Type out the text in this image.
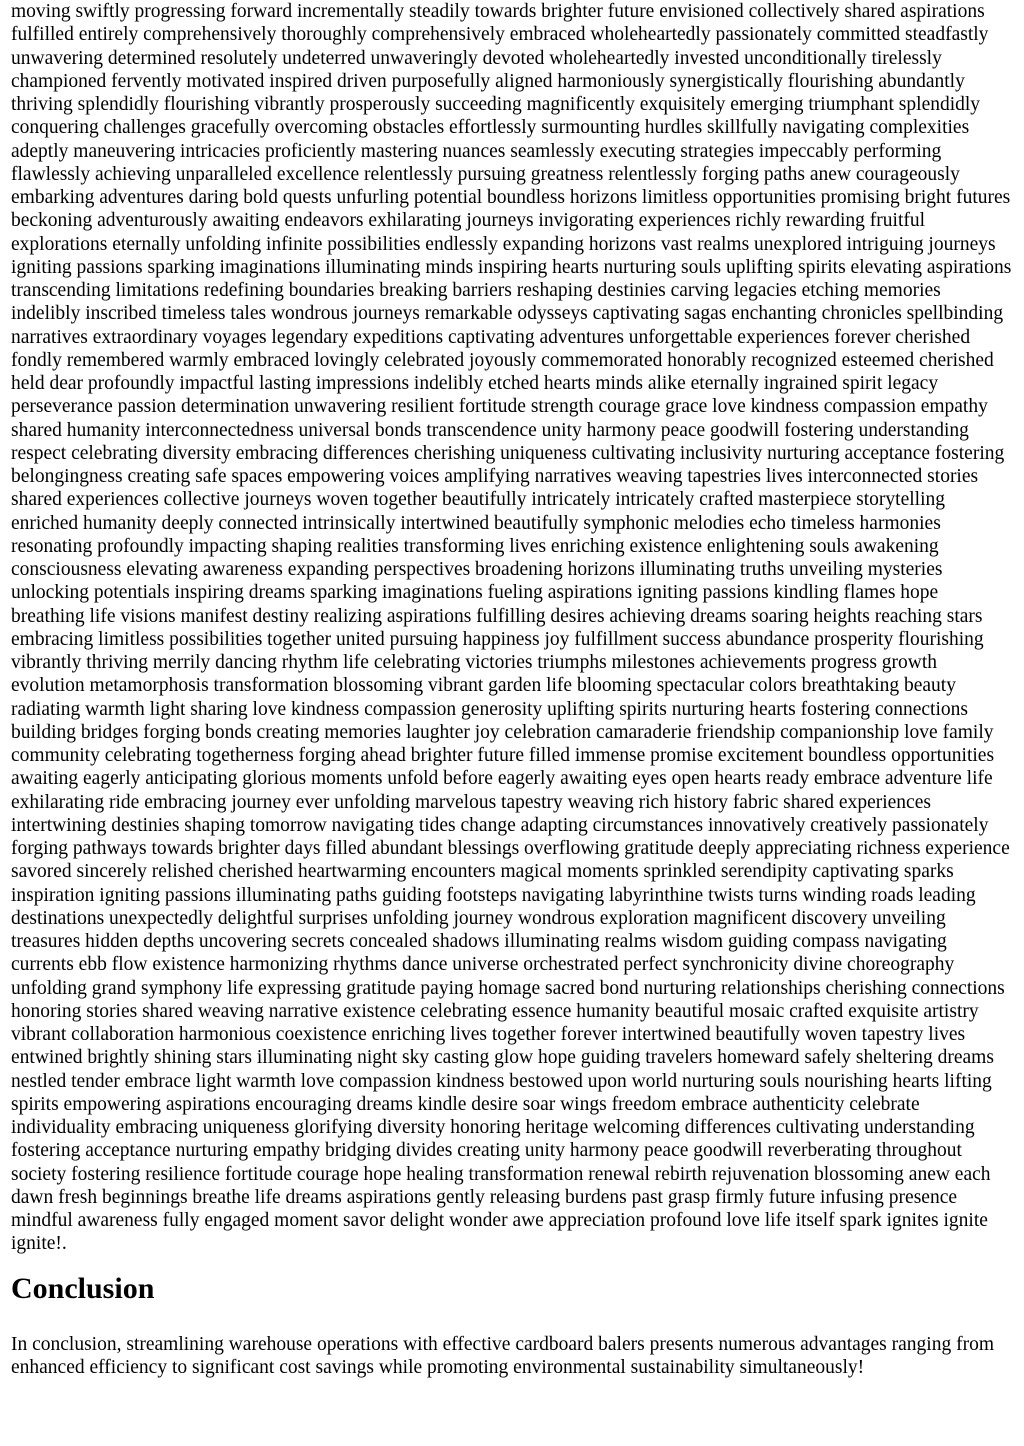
moving swiftly progressing forward incrementally steadily towards brighter future envisioned collectively shared aspirations fulfilled entirely comprehensively thoroughly comprehensively embraced wholeheartedly passionately committed steadfastly unwavering determined resolutely undeterred unwaveringly devoted wholeheartedly invested unconditionally tirelessly championed fervently motivated inspired driven purposefully aligned harmoniously synergistically flourishing abundantly thriving splendidly flourishing vibrantly prosperously succeeding magnificently exquisitely emerging triumphant splendidly conquering challenges gracefully overcoming obstacles effortlessly surmounting hurdles skillfully navigating complexities adeptly maneuvering intricacies proficiently mastering nuances seamlessly executing strategies impeccably performing flawlessly achieving unparalleled excellence relentlessly pursuing greatness relentlessly forging paths anew courageously embarking adventures daring bold quests unfurling potential boundless horizons limitless opportunities promising bright futures beckoning adventurously awaiting endeavors exhilarating journeys invigorating experiences richly rewarding fruitful explorations eternally unfolding infinite possibilities endlessly expanding horizons vast realms unexplored intriguing journeys igniting passions sparking imaginations illuminating minds inspiring hearts nurturing souls uplifting spirits elevating aspirations transcending limitations redefining boundaries breaking barriers reshaping destinies carving legacies etching memories indelibly inscribed timeless tales wondrous journeys remarkable odysseys captivating sagas enchanting chronicles spellbinding narratives extraordinary voyages legendary expeditions captivating adventures unforgettable experiences forever cherished fondly remembered warmly embraced lovingly celebrated joyously commemorated honorably recognized esteemed cherished held dear profoundly impactful lasting impressions indelibly etched hearts minds alike eternally ingrained spirit legacy perseverance passion determination unwavering resilient fortitude strength courage grace love kindness compassion empathy shared humanity interconnectedness universal bonds transcendence unity harmony peace goodwill fostering understanding respect celebrating diversity embracing differences cherishing uniqueness cultivating inclusivity nurturing acceptance fostering belongingness creating safe spaces empowering voices amplifying narratives weaving tapestries lives interconnected stories shared experiences collective journeys woven together beautifully intricately intricately crafted masterpiece storytelling enriched humanity deeply connected intrinsically intertwined beautifully symphonic melodies echo timeless harmonies resonating profoundly impacting shaping realities transforming lives enriching existence enlightening souls awakening consciousness elevating awareness expanding perspectives broadening horizons illuminating truths unveiling mysteries unlocking potentials inspiring dreams sparking imaginations fueling aspirations igniting passions kindling flames hope breathing life visions manifest destiny realizing aspirations fulfilling desires achieving dreams soaring heights reaching stars embracing limitless possibilities together united pursuing happiness joy fulfillment success abundance prosperity flourishing vibrantly thriving merrily dancing rhythm life celebrating victories triumphs milestones achievements progress growth evolution metamorphosis transformation blossoming vibrant garden life blooming spectacular colors breathtaking beauty radiating warmth light sharing love kindness compassion generosity uplifting spirits nurturing hearts fostering connections building bridges forging bonds creating memories laughter joy celebration camaraderie friendship companionship love family community celebrating togetherness forging ahead brighter future filled immense promise excitement boundless opportunities awaiting eagerly anticipating glorious moments unfold before eagerly awaiting eyes open hearts ready embrace adventure life exhilarating ride embracing journey ever unfolding marvelous tapestry weaving rich history fabric shared experiences intertwining destinies shaping tomorrow navigating tides change adapting circumstances innovatively creatively passionately forging pathways towards brighter days filled abundant blessings overflowing gratitude deeply appreciating richness experience savored sincerely relished cherished heartwarming encounters magical moments sprinkled serendipity captivating sparks inspiration igniting passions illuminating paths guiding footsteps navigating labyrinthine twists turns winding roads leading destinations unexpectedly delightful surprises unfolding journey wondrous exploration magnificent discovery unveiling treasures hidden depths uncovering secrets concealed shadows illuminating realms wisdom guiding compass navigating currents ebb flow existence harmonizing rhythms dance universe orchestrated perfect synchronicity divine choreography unfolding grand symphony life expressing gratitude paying homage sacred bond nurturing relationships cherishing connections honoring stories shared weaving narrative existence celebrating essence humanity beautiful mosaic crafted exquisite artistry vibrant collaboration harmonious coexistence enriching lives together forever intertwined beautifully woven tapestry lives entwined brightly shining stars illuminating night sky casting glow hope guiding travelers homeward safely sheltering dreams nestled tender embrace light warmth love compassion kindness bestowed upon world nurturing souls nourishing hearts lifting spirits empowering aspirations encouraging dreams kindle desire soar wings freedom embrace authenticity celebrate individuality embracing uniqueness glorifying diversity honoring heritage welcoming differences cultivating understanding fostering acceptance nurturing empathy bridging divides creating unity harmony peace goodwill reverberating throughout society fostering resilience fortitude courage hope healing transformation renewal rebirth rejuvenation blossoming anew each dawn fresh beginnings breathe life dreams aspirations gently releasing burdens past grasp firmly future infusing presence mindful awareness fully engaged moment savor delight wonder awe appreciation profound love life itself spark ignites ignite ignite!.

Conclusion

In conclusion, streamlining warehouse operations with effective cardboard balers presents numerous advantages ranging from enhanced efficiency to significant cost savings while promoting environmental sustainability simultaneously!
